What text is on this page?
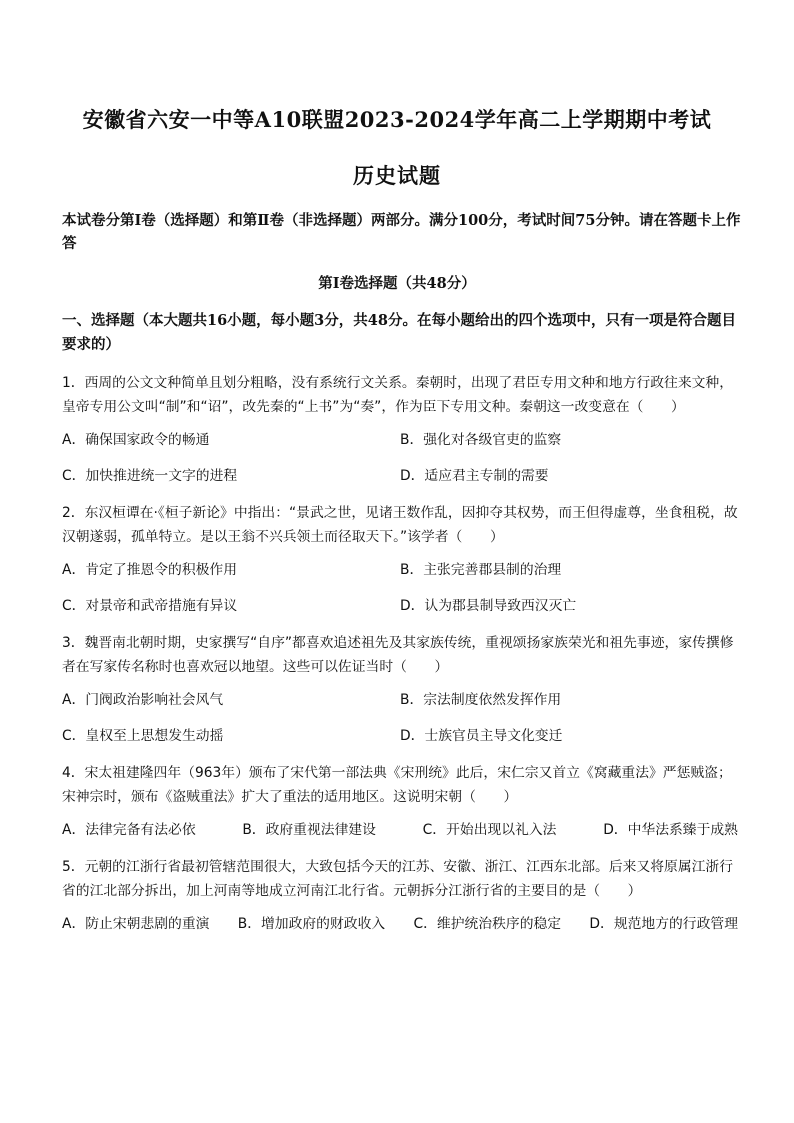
安徽省六安一中等A10联盟2023-2024学年高二上学期期中考试
历史试题
本试卷分第Ⅰ卷（选择题）和第Ⅱ卷（非选择题）两部分。满分100分，考试时间75分钟。请在答题卡上作答
第Ⅰ卷选择题（共48分）
一、选择题（本大题共16小题，每小题3分，共48分。在每小题给出的四个选项中，只有一项是符合题目要求的）
1．西周的公文文种简单且划分粗略，没有系统行文关系。秦朝时，出现了君臣专用文种和地方行政往来文种，皇帝专用公文叫“制”和“诏”，改先秦的“上书”为“奏”，作为臣下专用文种。秦朝这一改变意在（　　）
A．确保国家政令的畅通	B．强化对各级官吏的监察
C．加快推进统一文字的进程	D．适应君主专制的需要
2．东汉桓谭在·《桓子新论》中指出：“景武之世，见诸王数作乱，因抑夺其权势，而王但得虚尊，坐食租税，故汉朝遂弱，孤单特立。是以王翁不兴兵领土而径取天下。”该学者（　　）
A．肯定了推恩令的积极作用	B．主张完善郡县制的治理
C．对景帝和武帝措施有异议	D．认为郡县制导致西汉灭亡
3．魏晋南北朝时期，史家撰写“自序”都喜欢追述祖先及其家族传统，重视颂扬家族荣光和祖先事迹，家传撰修者在写家传名称时也喜欢冠以地望。这些可以佐证当时（　　）
A．门阀政治影响社会风气	B．宗法制度依然发挥作用
C．皇权至上思想发生动摇	D．士族官员主导文化变迁
4．宋太祖建隆四年（963年）颁布了宋代第一部法典《宋刑统》此后，宋仁宗又首立《窝藏重法》严惩贼盗；宋神宗时，颁布《盗贼重法》扩大了重法的适用地区。这说明宋朝（　　）
A．法律完备有法必依	B．政府重视法律建设	C．开始出现以礼入法	D．中华法系臻于成熟
5．元朝的江浙行省最初管辖范围很大，大致包括今天的江苏、安徽、浙江、江西东北部。后来又将原属江浙行省的江北部分拆出，加上河南等地成立河南江北行省。元朝拆分江浙行省的主要目的是（　　）
A．防止宋朝悲剧的重演 B．增加政府的财政收入 C．维护统治秩序的稳定 D．规范地方的行政管理
